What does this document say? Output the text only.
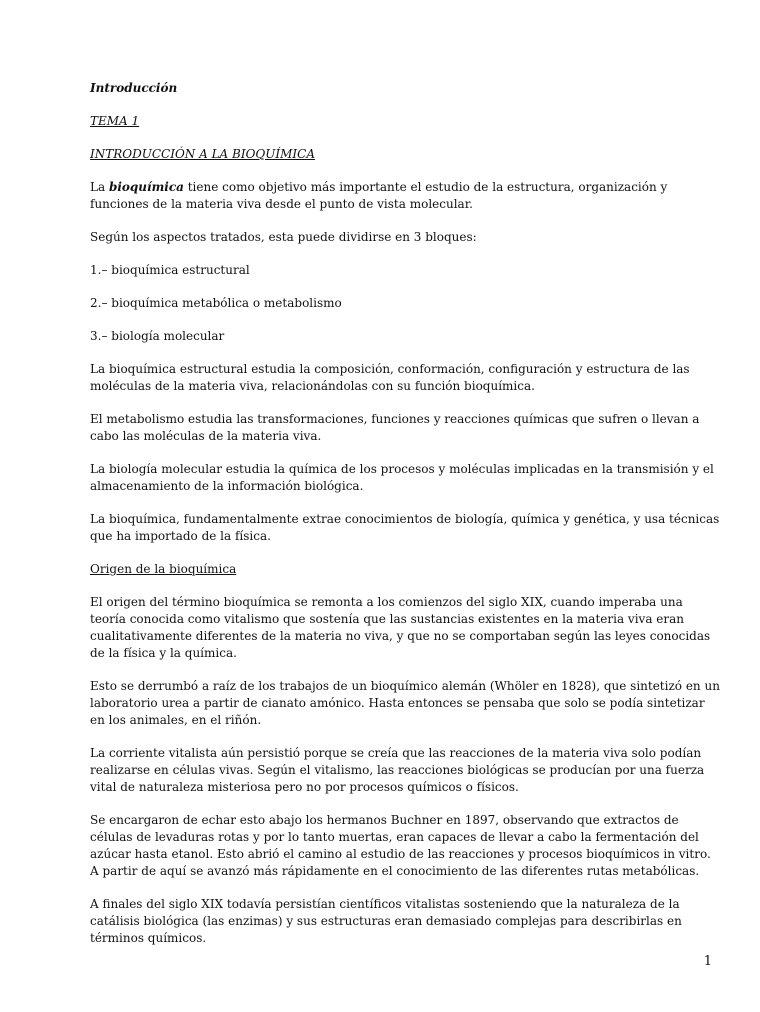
Introducción
TEMA 1
INTRODUCCIÓN A LA BIOQUÍMICA

La bioquímica tiene como objetivo más importante el estudio de la estructura, organización y funciones de la materia viva desde el punto de vista molecular.

Según los aspectos tratados, esta puede dividirse en 3 bloques:

1.– bioquímica estructural

2.– bioquímica metabólica o metabolismo

3.– biología molecular

La bioquímica estructural estudia la composición, conformación, configuración y estructura de las moléculas de la materia viva, relacionándolas con su función bioquímica.

El metabolismo estudia las transformaciones, funciones y reacciones químicas que sufren o llevan a cabo las moléculas de la materia viva.

La biología molecular estudia la química de los procesos y moléculas implicadas en la transmisión y el almacenamiento de la información biológica.

La bioquímica, fundamentalmente extrae conocimientos de biología, química y genética, y usa técnicas que ha importado de la física.

Origen de la bioquímica

El origen del término bioquímica se remonta a los comienzos del siglo XIX, cuando imperaba una teoría conocida como vitalismo que sostenía que las sustancias existentes en la materia viva eran cualitativamente diferentes de la materia no viva, y que no se comportaban según las leyes conocidas de la física y la química.

Esto se derrumbó a raíz de los trabajos de un bioquímico alemán (Whöler en 1828), que sintetizó en un laboratorio urea a partir de cianato amónico. Hasta entonces se pensaba que solo se podía sintetizar en los animales, en el riñón.

La corriente vitalista aún persistió porque se creía que las reacciones de la materia viva solo podían realizarse en células vivas. Según el vitalismo, las reacciones biológicas se producían por una fuerza vital de naturaleza misteriosa pero no por procesos químicos o físicos.

Se encargaron de echar esto abajo los hermanos Buchner en 1897, observando que extractos de células de levaduras rotas y por lo tanto muertas, eran capaces de llevar a cabo la fermentación del azúcar hasta etanol. Esto abrió el camino al estudio de las reacciones y procesos bioquímicos in vitro. A partir de aquí se avanzó más rápidamente en el conocimiento de las diferentes rutas metabólicas.

A finales del siglo XIX todavía persistían científicos vitalistas sosteniendo que la naturaleza de la catálisis biológica (las enzimas) y sus estructuras eran demasiado complejas para describirlas en términos químicos.

1
